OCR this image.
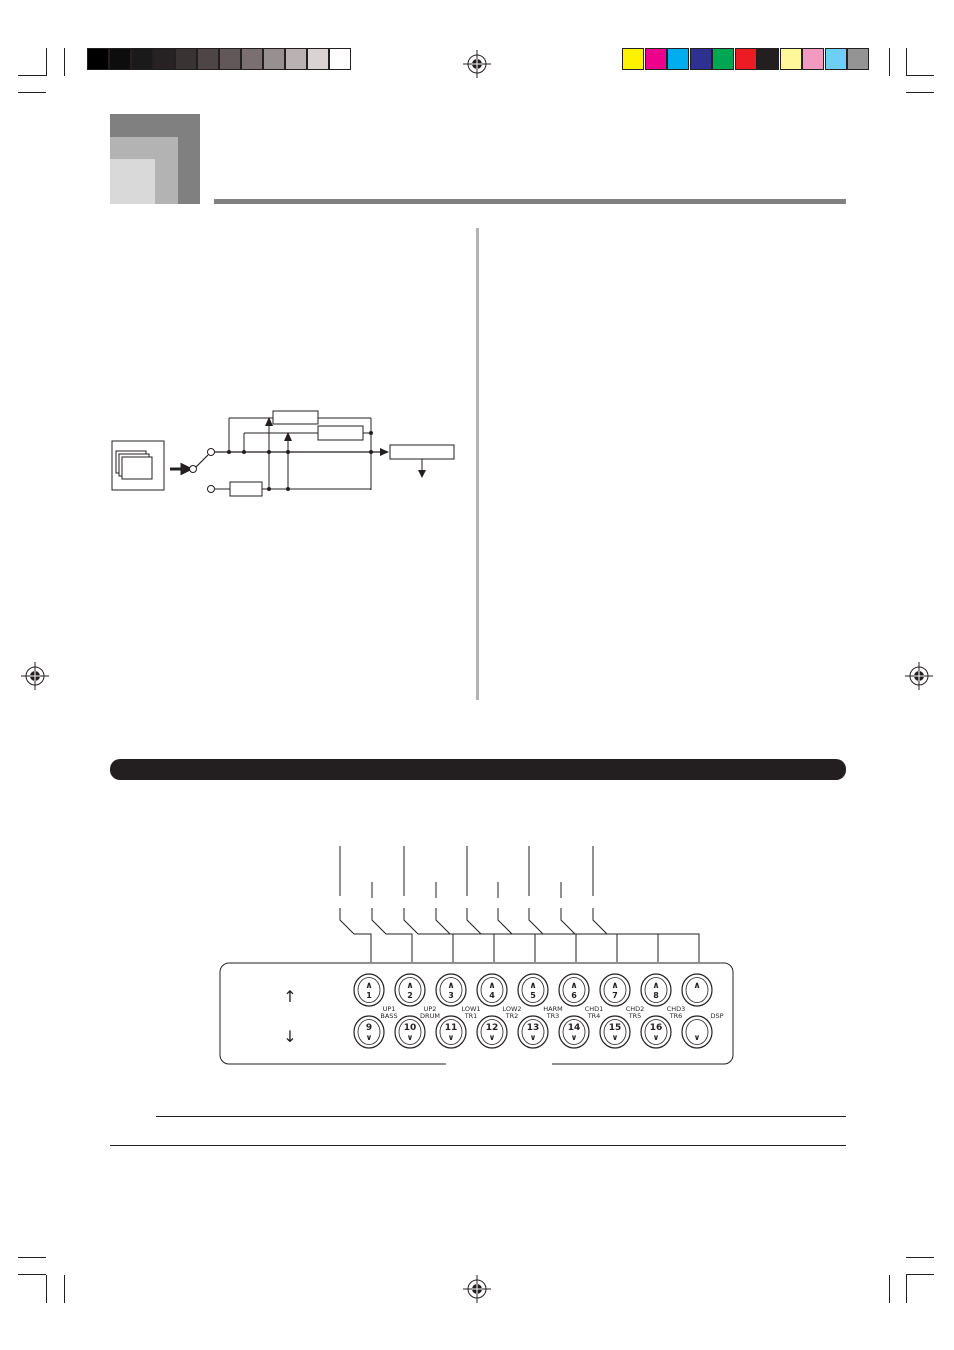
↑
↓
∧
1
∧
2
∧
3
∧
4
∧
5
∧
6
∧
7
∧
8
∧
9
∨
10
∨
11
∨
12
∨
13
∨
14
∨
15
∨
16
∨	∨
UP1
BASS
UP2
DRUM
LOW1
TR1
LOW2
TR2
HARM
TR3
CHD1
TR4
CHD2
TR5
CHD3
TR6	DSP
